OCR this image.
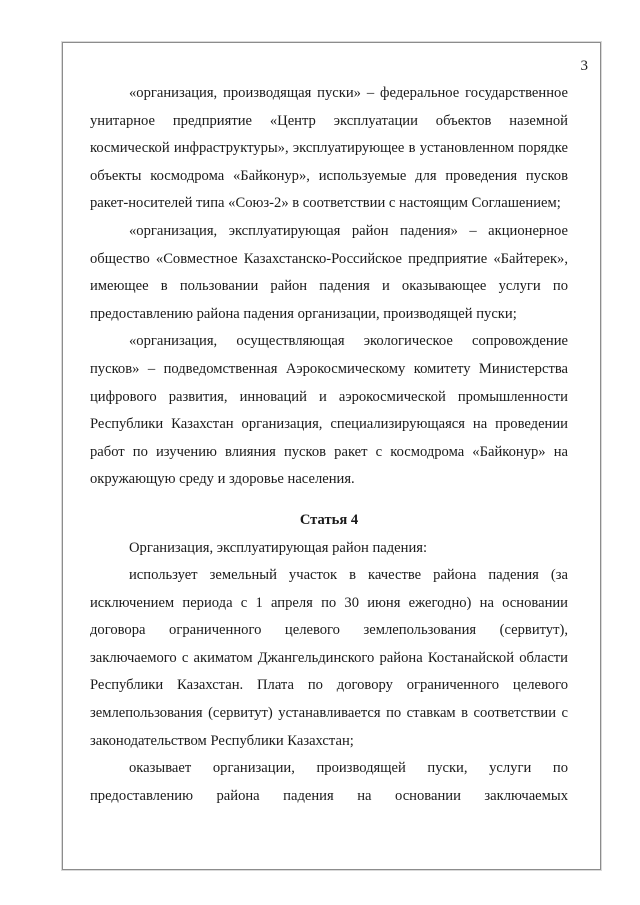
3

«организация, производящая пуски» – федеральное государственное унитарное предприятие «Центр эксплуатации объектов наземной космической инфраструктуры», эксплуатирующее в установленном порядке объекты космодрома «Байконур», используемые для проведения пусков ракет-носителей типа «Союз-2» в соответствии с настоящим Соглашением;

«организация, эксплуатирующая район падения» – акционерное общество «Совместное Казахстанско-Российское предприятие «Байтерек», имеющее в пользовании район падения и оказывающее услуги по предоставлению района падения организации, производящей пуски;

«организация, осуществляющая экологическое сопровождение пусков» – подведомственная Аэрокосмическому комитету Министерства цифрового развития, инноваций и аэрокосмической промышленности Республики Казахстан организация, специализирующаяся на проведении работ по изучению влияния пусков ракет с космодрома «Байконур» на окружающую среду и здоровье населения.

Статья 4

Организация, эксплуатирующая район падения:

использует земельный участок в качестве района падения (за исключением периода с 1 апреля по 30 июня ежегодно) на основании договора ограниченного целевого землепользования (сервитут), заключаемого с акиматом Джангельдинского района Костанайской области Республики Казахстан. Плата по договору ограниченного целевого землепользования (сервитут) устанавливается по ставкам в соответствии с законодательством Республики Казахстан;

оказывает организации, производящей пуски, услуги по предоставлению района падения на основании заключаемых
